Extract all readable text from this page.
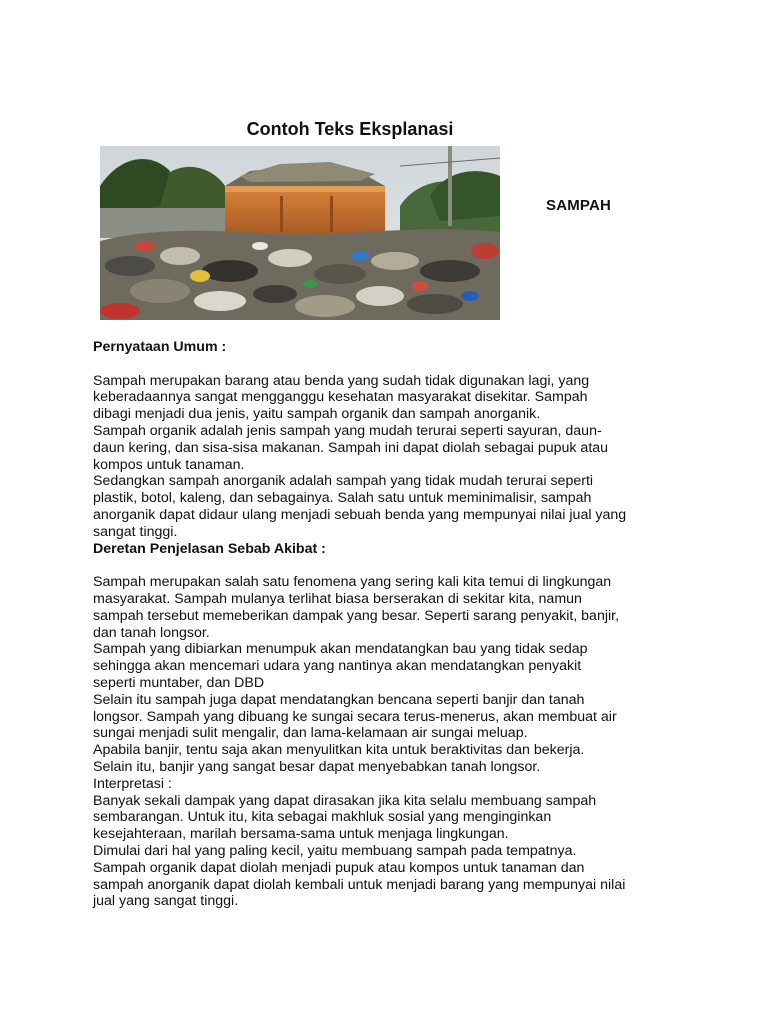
Contoh Teks Eksplanasi
SAMPAH
Pernyataan Umum :
Sampah merupakan barang atau benda yang sudah tidak digunakan lagi, yang
keberadaannya sangat mengganggu kesehatan masyarakat disekitar. Sampah
dibagi menjadi dua jenis, yaitu sampah organik dan sampah anorganik.
Sampah organik adalah jenis sampah yang mudah terurai seperti sayuran, daun-
daun kering, dan sisa-sisa makanan. Sampah ini dapat diolah sebagai pupuk atau
kompos untuk tanaman.
Sedangkan sampah anorganik adalah sampah yang tidak mudah terurai seperti
plastik, botol, kaleng, dan sebagainya. Salah satu untuk meminimalisir, sampah
anorganik dapat didaur ulang menjadi sebuah benda yang mempunyai nilai jual yang
sangat tinggi.
Deretan Penjelasan Sebab Akibat :
Sampah merupakan salah satu fenomena yang sering kali kita temui di lingkungan
masyarakat. Sampah mulanya terlihat biasa berserakan di sekitar kita, namun
sampah tersebut memeberikan dampak yang besar. Seperti sarang penyakit, banjir,
dan tanah longsor.
Sampah yang dibiarkan menumpuk akan mendatangkan bau yang tidak sedap
sehingga akan mencemari udara yang nantinya akan mendatangkan penyakit
seperti muntaber, dan DBD
Selain itu sampah juga dapat mendatangkan bencana seperti banjir dan tanah
longsor. Sampah yang dibuang ke sungai secara terus-menerus, akan membuat air
sungai menjadi sulit mengalir, dan lama-kelamaan air sungai meluap.
Apabila banjir, tentu saja akan menyulitkan kita untuk beraktivitas dan bekerja.
Selain itu, banjir yang sangat besar dapat menyebabkan tanah longsor.
Interpretasi :
Banyak sekali dampak yang dapat dirasakan jika kita selalu membuang sampah
sembarangan. Untuk itu, kita sebagai makhluk sosial yang menginginkan
kesejahteraan, marilah bersama-sama untuk menjaga lingkungan.
Dimulai dari hal yang paling kecil, yaitu membuang sampah pada tempatnya.
Sampah organik dapat diolah menjadi pupuk atau kompos untuk tanaman dan
sampah anorganik dapat diolah kembali untuk menjadi barang yang mempunyai nilai
jual yang sangat tinggi.
